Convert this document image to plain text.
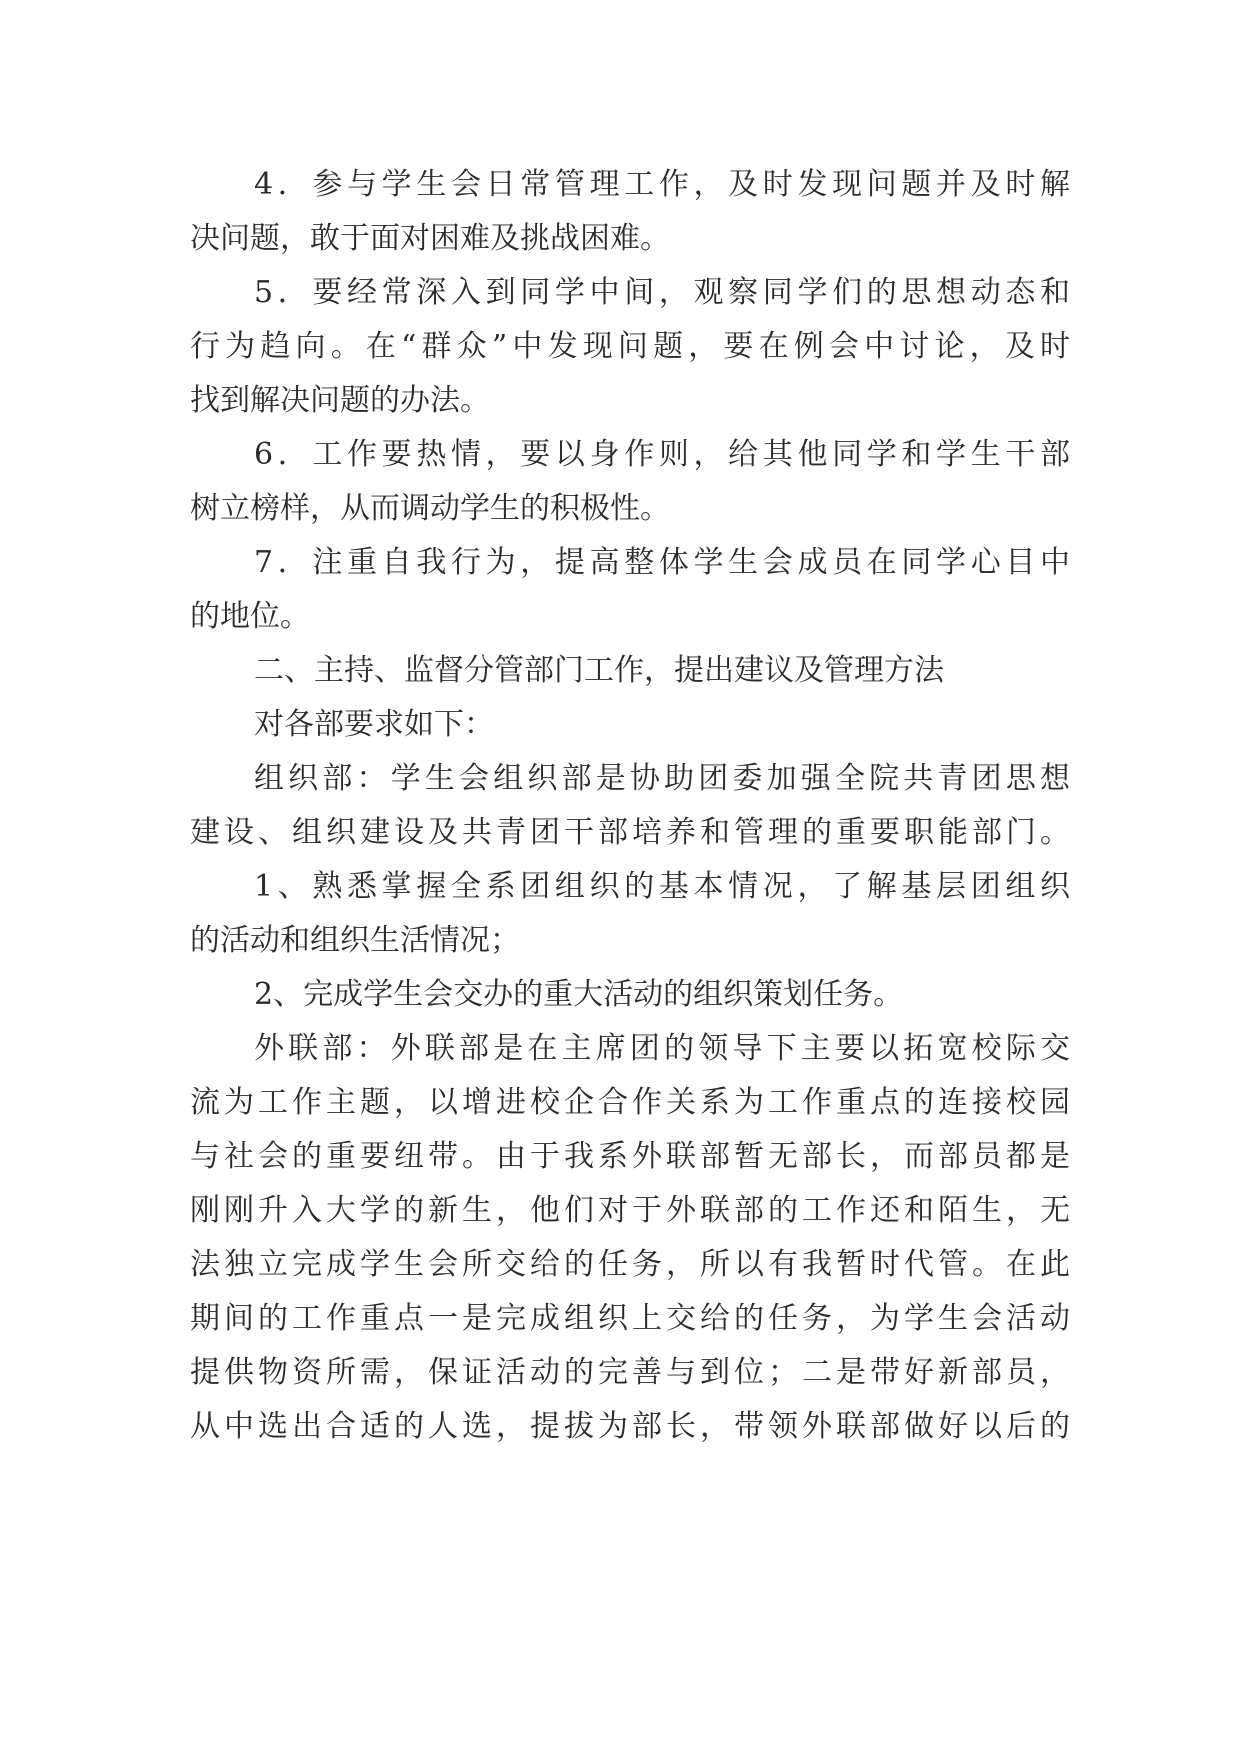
4．参与学生会日常管理工作，及时发现问题并及时解
决问题，敢于面对困难及挑战困难。
5．要经常深入到同学中间，观察同学们的思想动态和
行为趋向。在“群众”中发现问题，要在例会中讨论，及时
找到解决问题的办法。
6．工作要热情，要以身作则，给其他同学和学生干部
树立榜样，从而调动学生的积极性。
7．注重自我行为，提高整体学生会成员在同学心目中
的地位。
二、主持、监督分管部门工作，提出建议及管理方法
对各部要求如下：
组织部：学生会组织部是协助团委加强全院共青团思想
建设、组织建设及共青团干部培养和管理的重要职能部门。
1、熟悉掌握全系团组织的基本情况，了解基层团组织
的活动和组织生活情况；
2、完成学生会交办的重大活动的组织策划任务。
外联部：外联部是在主席团的领导下主要以拓宽校际交
流为工作主题，以增进校企合作关系为工作重点的连接校园
与社会的重要纽带。由于我系外联部暂无部长，而部员都是
刚刚升入大学的新生，他们对于外联部的工作还和陌生，无
法独立完成学生会所交给的任务，所以有我暂时代管。在此
期间的工作重点一是完成组织上交给的任务，为学生会活动
提供物资所需，保证活动的完善与到位；二是带好新部员，
从中选出合适的人选，提拔为部长，带领外联部做好以后的
